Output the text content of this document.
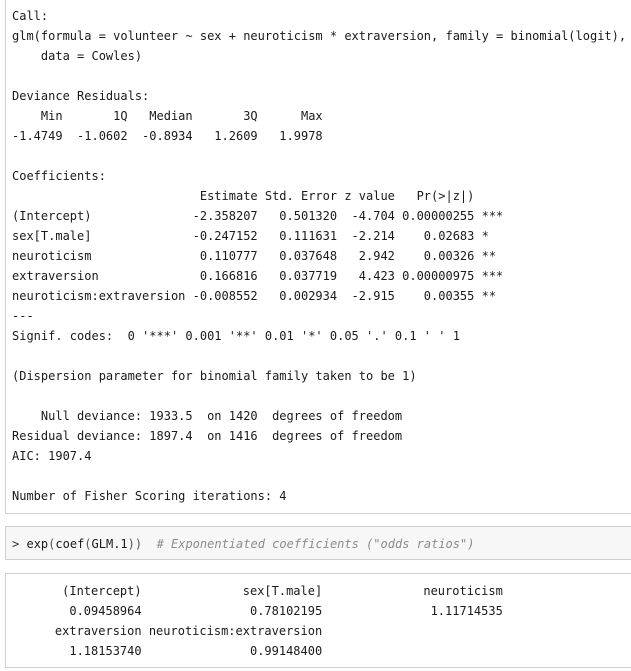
Call:
glm(formula = volunteer ~ sex + neuroticism * extraversion, family = binomial(logit),
data = Cowles)

Deviance Residuals:
Min       1Q   Median       3Q      Max
-1.4749  -1.0602  -0.8934   1.2609   1.9978

Coefficients:
Estimate Std. Error z value   Pr(>|z|)
(Intercept)              -2.358207   0.501320  -4.704 0.00000255 ***
sex[T.male]              -0.247152   0.111631  -2.214    0.02683 *
neuroticism               0.110777   0.037648   2.942    0.00326 **
extraversion              0.166816   0.037719   4.423 0.00000975 ***
neuroticism:extraversion -0.008552   0.002934  -2.915    0.00355 **
---
Signif. codes:  0 '***' 0.001 '**' 0.01 '*' 0.05 '.' 0.1 ' ' 1

(Dispersion parameter for binomial family taken to be 1)

Null deviance: 1933.5  on 1420  degrees of freedom
Residual deviance: 1897.4  on 1416  degrees of freedom
AIC: 1907.4

Number of Fisher Scoring iterations: 4
> exp(coef(GLM.1)) # Exponentiated coefficients ("odds ratios")
(Intercept)              sex[T.male]              neuroticism
0.09458964               0.78102195               1.11714535
extraversion neuroticism:extraversion
1.18153740               0.99148400
